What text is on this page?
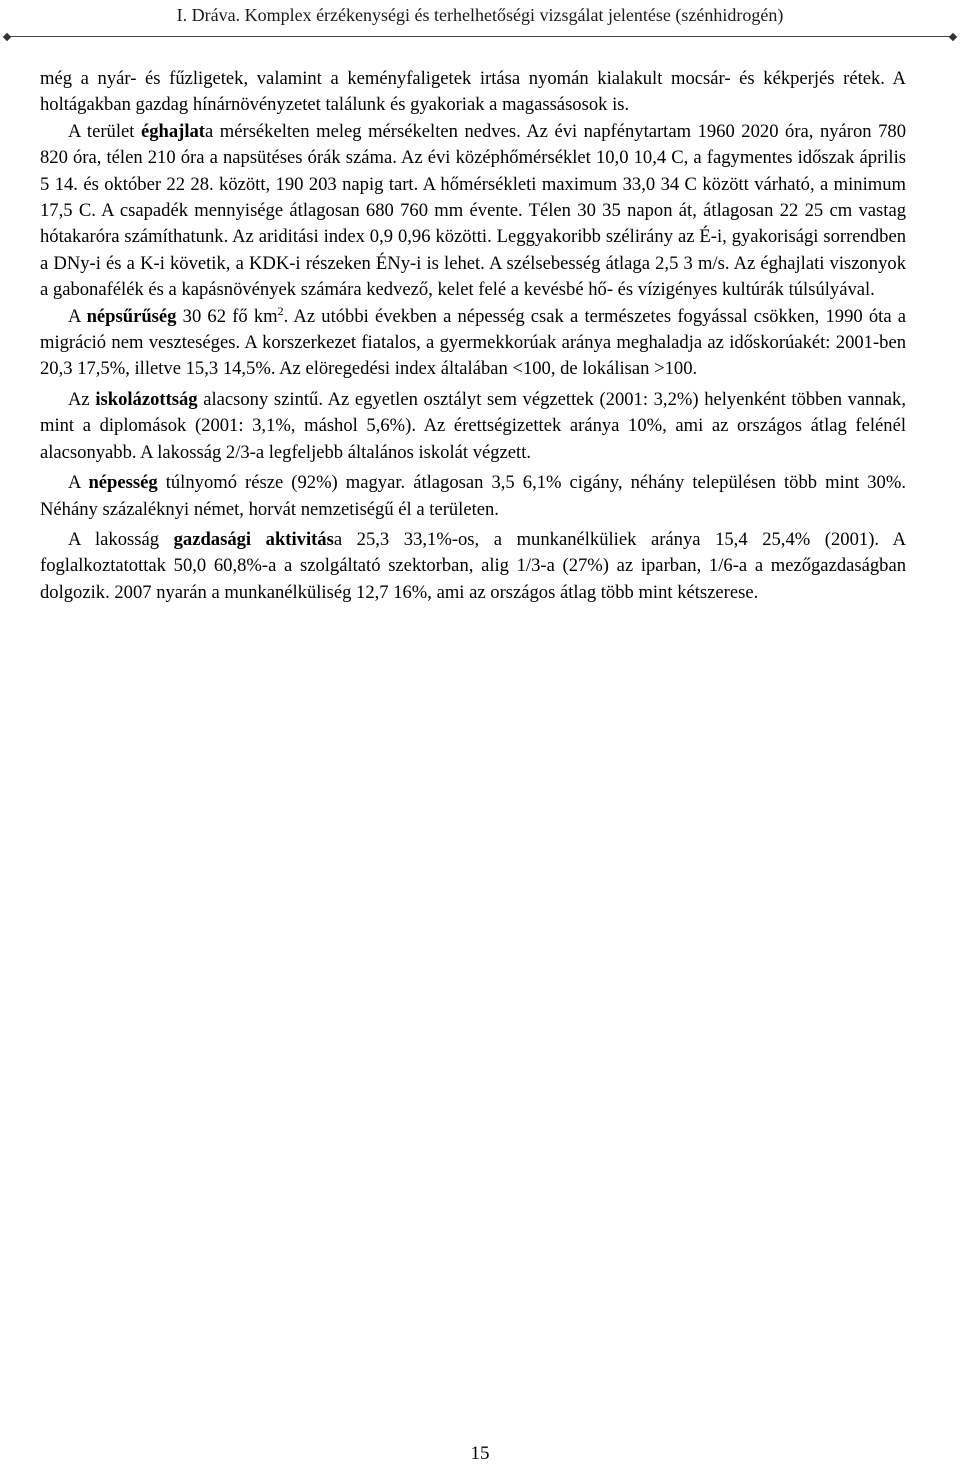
I. Dráva. Komplex érzékenységi és terhelhetőségi vizsgálat jelentése (szénhidrogén)

még a nyár- és fűzligetek, valamint a keményfaligetek irtása nyomán kialakult mocsár- és kékperjés rétek. A holtágakban gazdag hínárnövényzetet találunk és gyakoriak a magassásosok is.

A terület éghajlata mérsékelten meleg mérsékelten nedves. Az évi napfénytartam 1960 2020 óra, nyáron 780 820 óra, télen 210 óra a napsütéses órák száma. Az évi középhőmérséklet 10,0 10,4 C, a fagymentes időszak április 5 14. és október 22 28. között, 190 203 napig tart. A hőmérsékleti maximum 33,0 34 C között várható, a minimum 17,5 C. A csapadék mennyisége átlagosan 680 760 mm évente. Télen 30 35 napon át, átlagosan 22 25 cm vastag hótakaróra számíthatunk. Az ariditási index 0,9 0,96 közötti. Leggyakoribb szélirány az É-i, gyakorisági sorrendben a DNy-i és a K-i követik, a KDK-i részeken ÉNy-i is lehet. A szélsebesség átlaga 2,5 3 m/s. Az éghajlati viszonyok a gabonafélék és a kapásnövények számára kedvező, kelet felé a kevésbé hő- és vízigényes kultúrák túlsúlyával.

A népsűrűség 30 62 fő $km^2$. Az utóbbi években a népesség csak a természetes fogyással csökken, 1990 óta a migráció nem veszteséges. A korszerkezet fiatalos, a gyermekkorúak aránya meghaladja az időskorúakét: 2001-ben 20,3 17,5%, illetve 15,3 14,5%. Az elöregedési index általában <100, de lokálisan >100.

Az iskolázottság alacsony szintű. Az egyetlen osztályt sem végzettek (2001: 3,2%) helyenként többen vannak, mint a diplomások (2001: 3,1%, máshol 5,6%). Az érettségizettek aránya 10%, ami az országos átlag felénél alacsonyabb. A lakosság 2/3-a legfeljebb általános iskolát végzett.

A népesség túlnyomó része (92%) magyar. átlagosan 3,5 6,1% cigány, néhány településen több mint 30%. Néhány százaléknyi német, horvát nemzetiségű él a területen.

A lakosság gazdasági aktivitása 25,3 33,1%-os, a munkanélküliek aránya 15,4 25,4% (2001). A foglalkoztatottak 50,0 60,8%-a a szolgáltató szektorban, alig 1/3-a (27%) az iparban, 1/6-a a mezőgazdaságban dolgozik. 2007 nyarán a munkanélküliség 12,7 16%, ami az országos átlag több mint kétszerese.

15
